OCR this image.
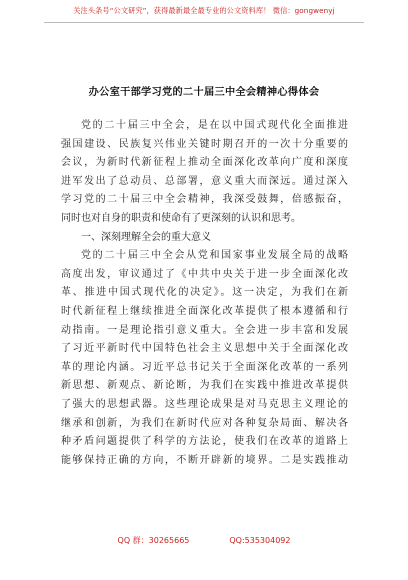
关注头条号“公文研究”，获得最新最全最专业的公文资料库！ 微信：gongwenyj
办公室干部学习党的二十届三中全会精神心得体会
党的二十届三中全会，是在以中国式现代化全面推进
强国建设、民族复兴伟业关键时期召开的一次十分重要的
会议，为新时代新征程上推动全面深化改革向广度和深度
进军发出了总动员、总部署，意义重大而深远。通过深入
学习党的二十届三中全会精神，我深受鼓舞，倍感振奋，
同时也对自身的职责和使命有了更深刻的认识和思考。
一、深刻理解全会的重大意义
党的二十届三中全会从党和国家事业发展全局的战略
高度出发，审议通过了《中共中央关于进一步全面深化改
革、推进中国式现代化的决定》。这一决定，为我们在新
时代新征程上继续推进全面深化改革提供了根本遵循和行
动指南。一是理论指引意义重大。全会进一步丰富和发展
了习近平新时代中国特色社会主义思想中关于全面深化改
革的理论内涵。习近平总书记关于全面深化改革的一系列
新思想、新观点、新论断，为我们在实践中推进改革提供
了强大的思想武器。这些理论成果是对马克思主义理论的
继承和创新，为我们在新时代应对各种复杂局面、解决各
种矛盾问题提供了科学的方法论，使我们在改革的道路上
能够保持正确的方向，不断开辟新的境界。二是实践推动
QQ 群：30265665	QQ:535304092
